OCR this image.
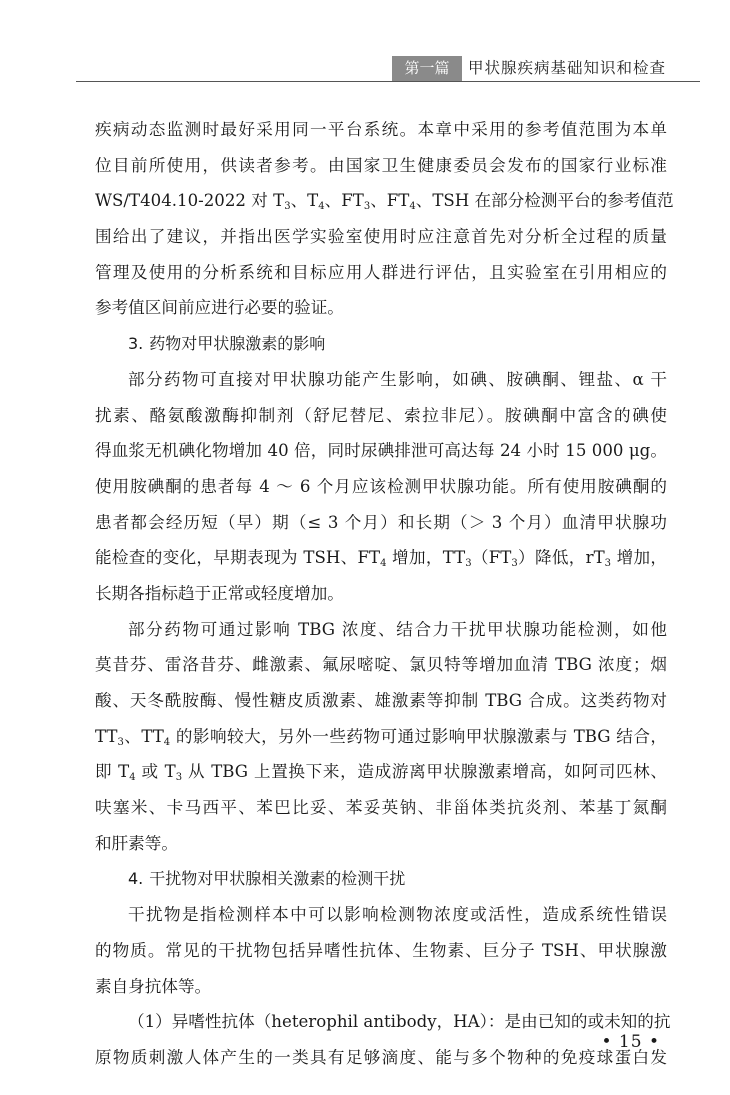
第一篇	甲状腺疾病基础知识和检查
疾病动态监测时最好采用同一平台系统。本章中采用的参考值范围为本单
位目前所使用，供读者参考。由国家卫生健康委员会发布的国家行业标准
WS/T404.10-2022 对 $T_3$、$T_4$、$FT_3$、$FT_4$、TSH 在部分检测平台的参考值范
围给出了建议，并指出医学实验室使用时应注意首先对分析全过程的质量
管理及使用的分析系统和目标应用人群进行评估，且实验室在引用相应的
参考值区间前应进行必要的验证。
3. 药物对甲状腺激素的影响
部分药物可直接对甲状腺功能产生影响，如碘、胺碘酮、锂盐、α 干
扰素、酪氨酸激酶抑制剂（舒尼替尼、索拉非尼）。胺碘酮中富含的碘使
得血浆无机碘化物增加 40 倍，同时尿碘排泄可高达每 24 小时 15 000 μg。
使用胺碘酮的患者每 4 ～ 6 个月应该检测甲状腺功能。所有使用胺碘酮的
患者都会经历短（早）期（≤ 3 个月）和长期（＞ 3 个月）血清甲状腺功
能检查的变化，早期表现为 TSH、$FT_4$ 增加，$TT_3(FT_3)$降低，$rT_3$ 增加，
长期各指标趋于正常或轻度增加。
部分药物可通过影响 TBG 浓度、结合力干扰甲状腺功能检测，如他
莫昔芬、雷洛昔芬、雌激素、氟尿嘧啶、氯贝特等增加血清 TBG 浓度；烟
酸、天冬酰胺酶、慢性糖皮质激素、雄激素等抑制 TBG 合成。这类药物对
$TT_3$、$TT_4$ 的影响较大，另外一些药物可通过影响甲状腺激素与 TBG 结合，
即 $T_4$ 或 $T_3$ 从 TBG 上置换下来，造成游离甲状腺激素增高，如阿司匹林、
呋塞米、卡马西平、苯巴比妥、苯妥英钠、非甾体类抗炎剂、苯基丁氮酮
和肝素等。
4. 干扰物对甲状腺相关激素的检测干扰
干扰物是指检测样本中可以影响检测物浓度或活性，造成系统性错误
的物质。常见的干扰物包括异嗜性抗体、生物素、巨分子 TSH、甲状腺激
素自身抗体等。
（1）异嗜性抗体（heterophil antibody，HA）：是由已知的或未知的抗
原物质刺激人体产生的一类具有足够滴度、能与多个物种的免疫球蛋白发
• 15 •
